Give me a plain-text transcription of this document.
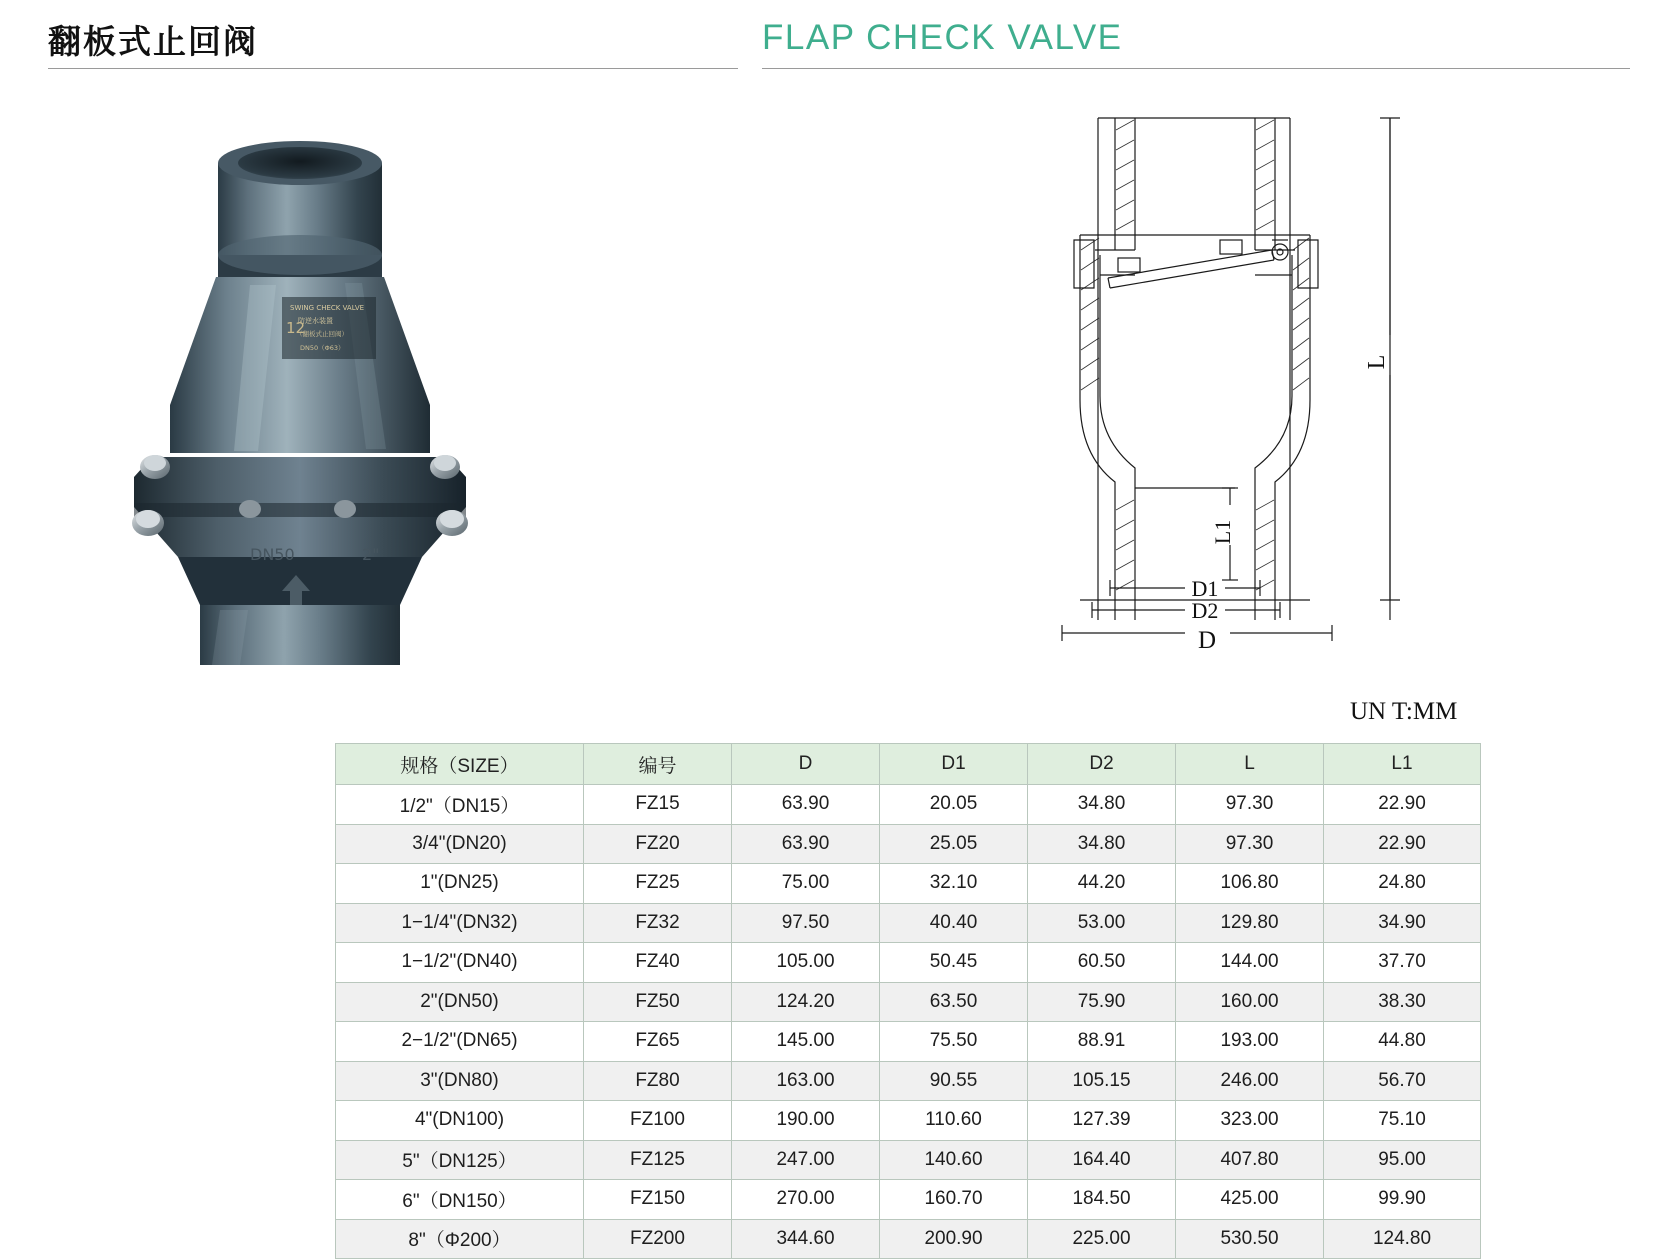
翻板式止回阀	FLAP CHECK VALVE
SWING CHECK VALVE
防逆水装置
（翻板式止回阀）
DN50（Φ63）
12
DN50	2"
L
L1
D1
D2
D
UN T:MM
规格（SIZE）	编号	D	D1	D2	L	L1
1/2"（DN15）	FZ15	63.90	20.05	34.80	97.30	22.90
3/4"(DN20)	FZ20	63.90	25.05	34.80	97.30	22.90
1"(DN25)	FZ25	75.00	32.10	44.20	106.80	24.80
1−1/4"(DN32)	FZ32	97.50	40.40	53.00	129.80	34.90
1−1/2"(DN40)	FZ40	105.00	50.45	60.50	144.00	37.70
2"(DN50)	FZ50	124.20	63.50	75.90	160.00	38.30
2−1/2"(DN65)	FZ65	145.00	75.50	88.91	193.00	44.80
3"(DN80)	FZ80	163.00	90.55	105.15	246.00	56.70
4"(DN100)	FZ100	190.00	110.60	127.39	323.00	75.10
5"（DN125）	FZ125	247.00	140.60	164.40	407.80	95.00
6"（DN150）	FZ150	270.00	160.70	184.50	425.00	99.90
8"（Φ200）	FZ200	344.60	200.90	225.00	530.50	124.80
